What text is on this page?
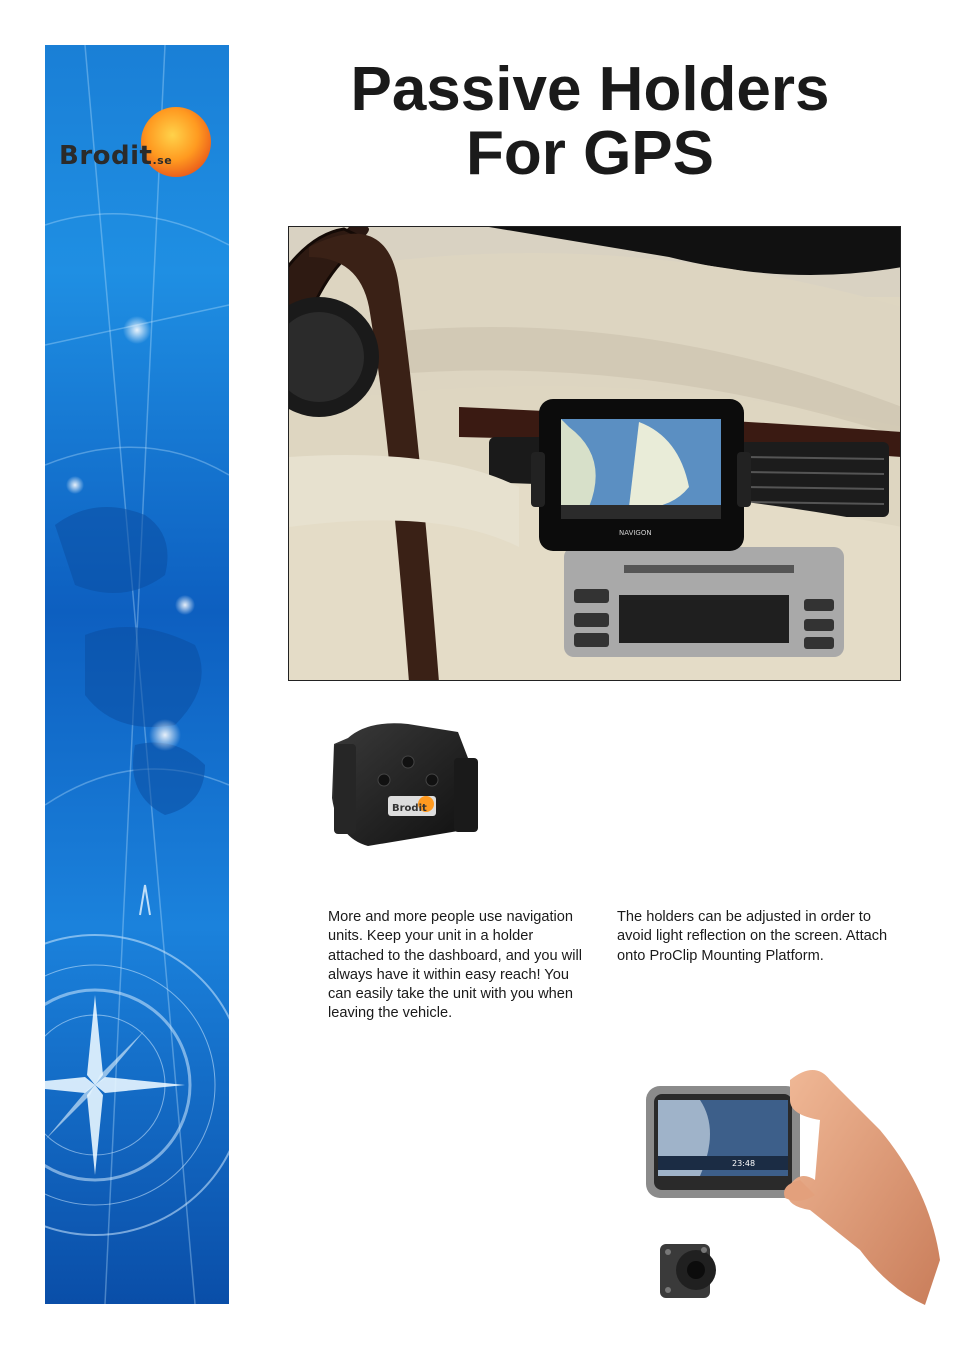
Brodit.se
Passive Holders
For GPS
NAVIGON
Brodit

More and more people use navigation units. Keep your unit in a holder attached to the dashboard, and you will always have it within easy reach! You can easily take the unit with you when leaving the vehicle.

The holders can be adjusted in order to avoid light reflection on the screen. Attach onto ProClip Mounting Platform.

23:48
